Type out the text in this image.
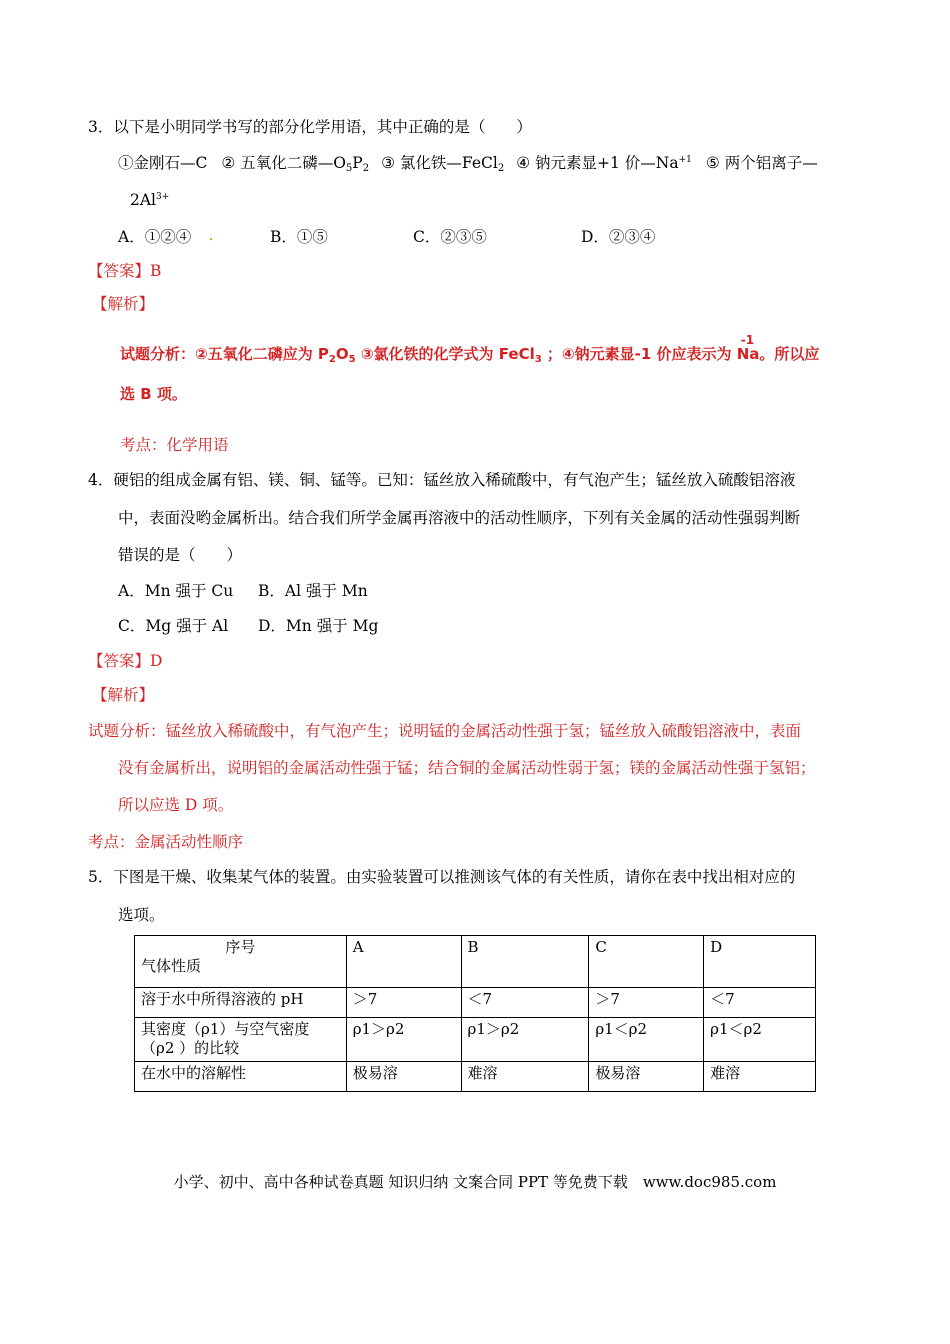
3．以下是小明同学书写的部分化学用语，其中正确的是（　　）
①金刚石—C ② 五氧化二磷$—O_5P_2$ ③ 氯化铁—FeCl$_2$ ④ 钠元素显+1 价$—Na^{+1}$ ⑤ 两个铝离子—
$2Al^{3+}$
A．①②④ .	B．①⑤	C．②③⑤	D．②③④
【答案】B
【解析】
试题分析：②五氧化二磷应为 $P_2O_5$ ③氯化铁的化学式为 FeCl$_3$ ；④钠元素显-1 价应表示为 Na
-1
。所以应
选 B 项。
考点：化学用语
4．硬铝的组成金属有铝、镁、铜、锰等。已知：锰丝放入稀硫酸中，有气泡产生；锰丝放入硫酸铝溶液
中，表面没哟金属析出。结合我们所学金属再溶液中的活动性顺序，下列有关金属的活动性强弱判断
错误的是（　　）
A．Mn 强于 Cu B．Al 强于 Mn
C．Mg 强于 Al D．Mn 强于 Mg
【答案】D
【解析】
试题分析：锰丝放入稀硫酸中，有气泡产生；说明锰的金属活动性强于氢；锰丝放入硫酸铝溶液中，表面
没有金属析出，说明铝的金属活动性强于锰；结合铜的金属活动性弱于氢；镁的金属活动性强于氢铝；
所以应选 D 项。
考点：金属活动性顺序
5．下图是干燥、收集某气体的装置。由实验装置可以推测该气体的有关性质，请你在表中找出相对应的
选项。
序号
气体性质	A	B	C	D
溶于水中所得溶液的 pH	＞7	＜7	＞7	＜7
其密度（ρ1）与空气密度（ρ2 ）的比较	ρ1＞ρ2	ρ1＞ρ2	ρ1＜ρ2	ρ1＜ρ2
在水中的溶解性	极易溶	难溶	极易溶	难溶
小学、初中、高中各种试卷真题 知识归纳 文案合同 PPT 等免费下载　www.doc985.com
